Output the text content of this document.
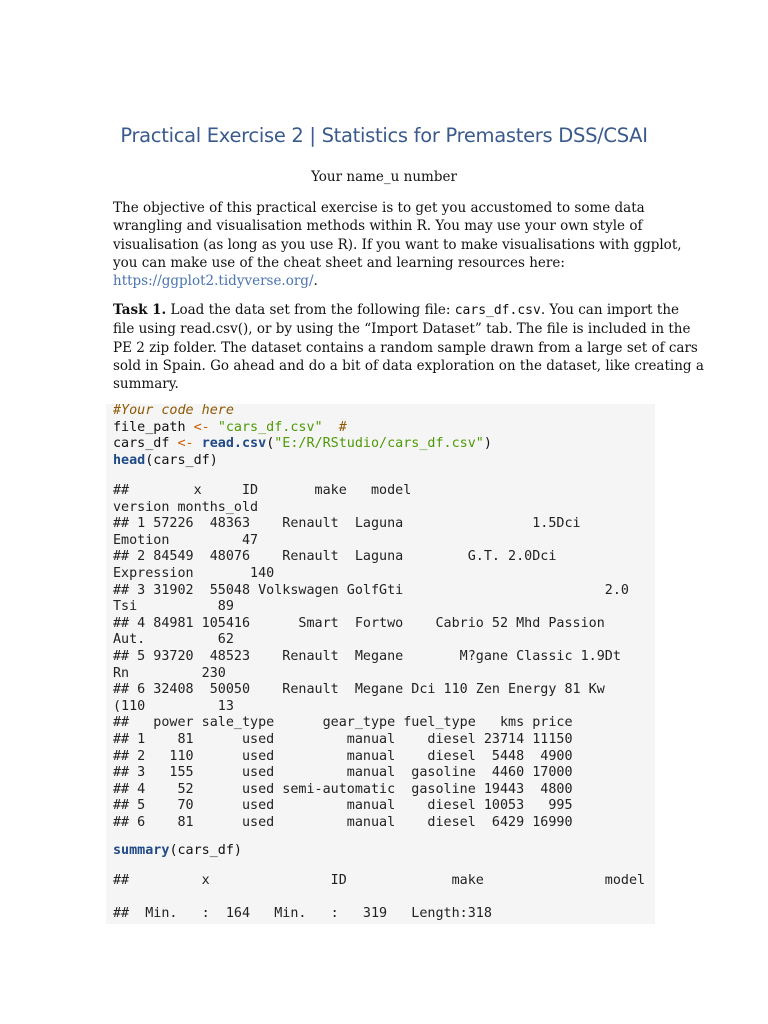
Practical Exercise 2 | Statistics for Premasters DSS/CSAI
Your name_u number
The objective of this practical exercise is to get you accustomed to some data
wrangling and visualisation methods within R. You may use your own style of
visualisation (as long as you use R). If you want to make visualisations with ggplot,
you can make use of the cheat sheet and learning resources here:
https://ggplot2.tidyverse.org/.
Task 1. Load the data set from the following file: cars_df.csv. You can import the
file using read.csv(), or by using the “Import Dataset” tab. The file is included in the
PE 2 zip folder. The dataset contains a random sample drawn from a large set of cars
sold in Spain. Go ahead and do a bit of data exploration on the dataset, like creating a
summary.
#Your code here
file_path <- "cars_df.csv"  #
cars_df <- read.csv("E:/R/RStudio/cars_df.csv")
head(cars_df)
##        x     ID       make   model
version months_old
## 1 57226  48363    Renault  Laguna                1.5Dci
Emotion         47
## 2 84549  48076    Renault  Laguna        G.T. 2.0Dci
Expression       140
## 3 31902  55048 Volkswagen GolfGti                         2.0
Tsi          89
## 4 84981 105416      Smart  Fortwo    Cabrio 52 Mhd Passion
Aut.         62
## 5 93720  48523    Renault  Megane       M?gane Classic 1.9Dt
Rn         230
## 6 32408  50050    Renault  Megane Dci 110 Zen Energy 81 Kw
(110         13
##   power sale_type      gear_type fuel_type   kms price
## 1    81      used         manual    diesel 23714 11150
## 2   110      used         manual    diesel  5448  4900
## 3   155      used         manual  gasoline  4460 17000
## 4    52      used semi-automatic  gasoline 19443  4800
## 5    70      used         manual    diesel 10053   995
## 6    81      used         manual    diesel  6429 16990
summary(cars_df)
##         x               ID             make               model

##  Min.   :  164   Min.   :   319   Length:318
